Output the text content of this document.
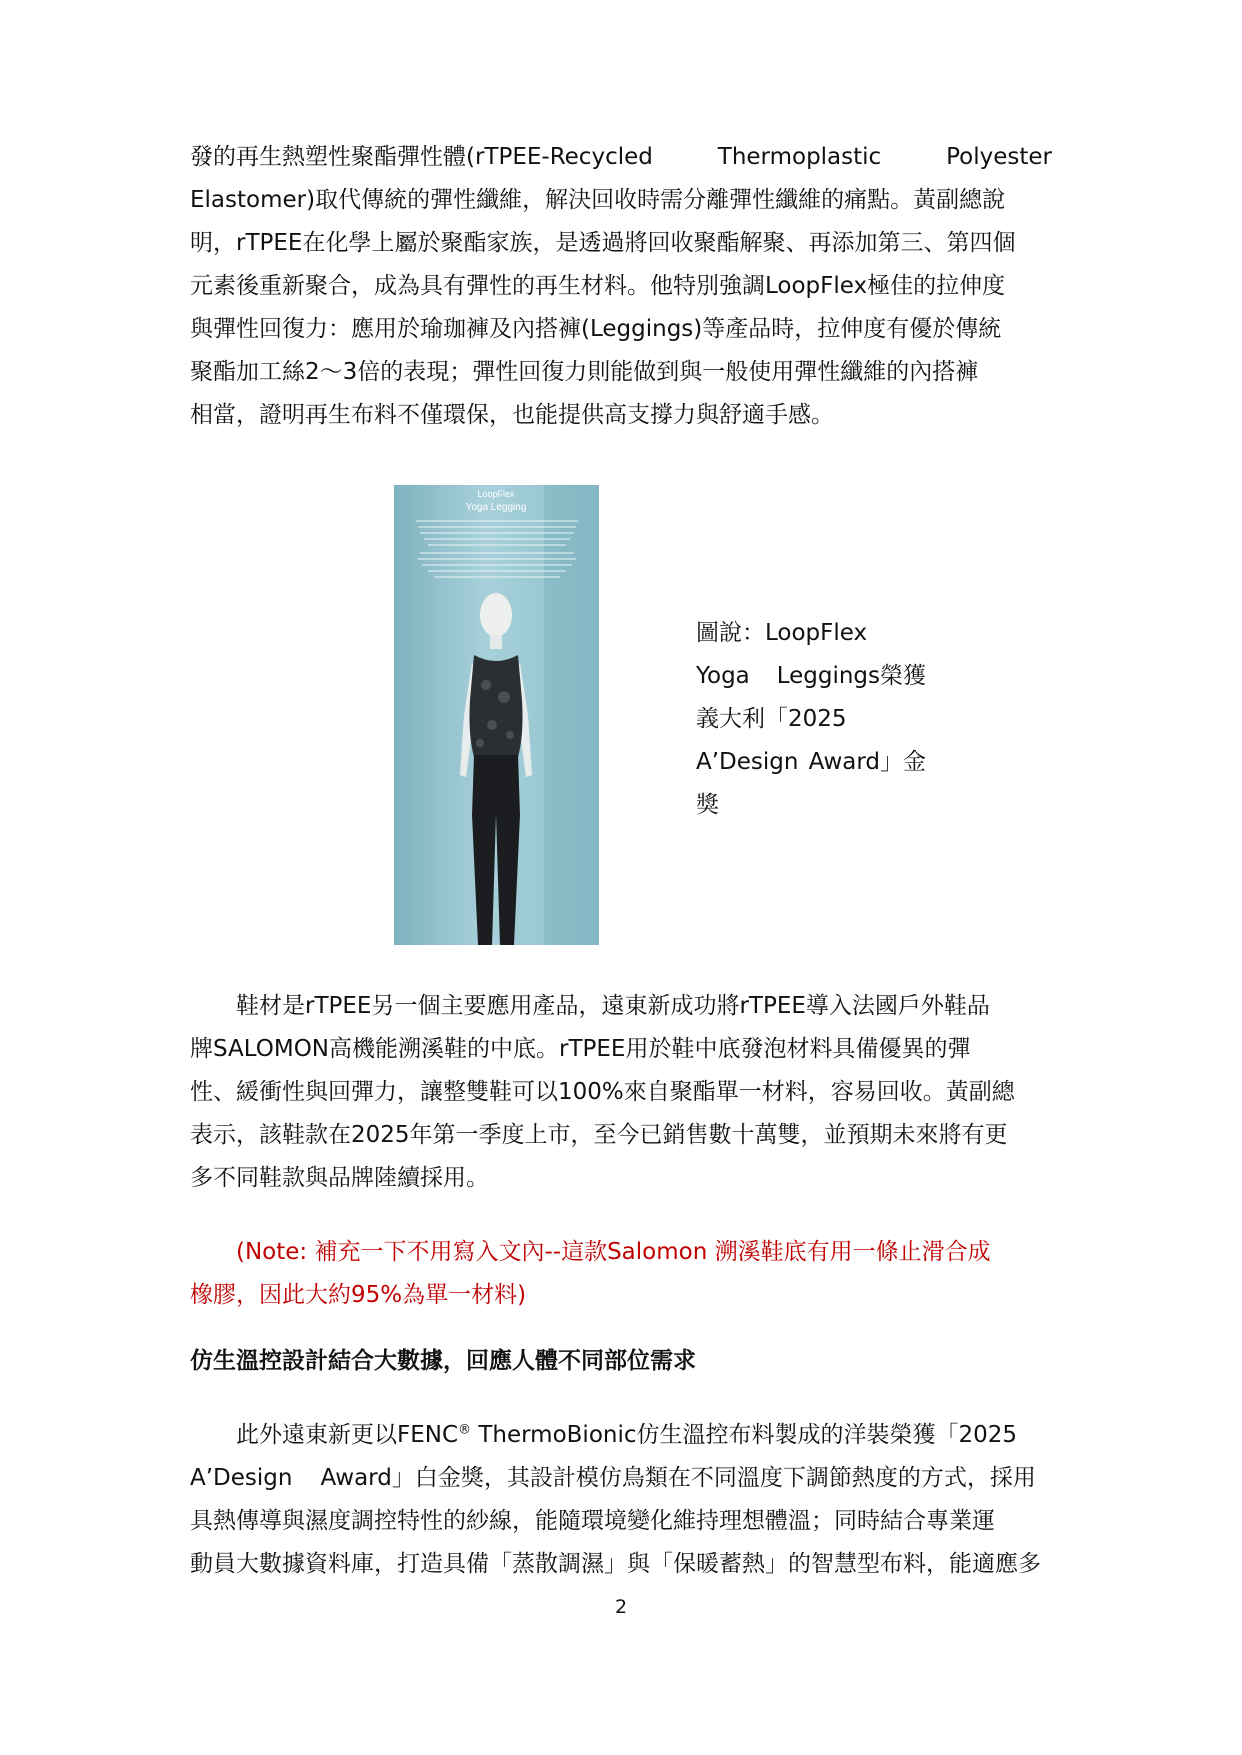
發的再生熱塑性聚酯彈性體(rTPEE-Recycled	Thermoplastic	Polyester
Elastomer)取代傳統的彈性纖維，解決回收時需分離彈性纖維的痛點。黃副總說
明，rTPEE在化學上屬於聚酯家族，是透過將回收聚酯解聚、再添加第三、第四個
元素後重新聚合，成為具有彈性的再生材料。他特別強調LoopFlex極佳的拉伸度
與彈性回復力：應用於瑜珈褲及內搭褲(Leggings)等產品時，拉伸度有優於傳統
聚酯加工絲2～3倍的表現；彈性回復力則能做到與一般使用彈性纖維的內搭褲
相當，證明再生布料不僅環保，也能提供高支撐力與舒適手感。
LoopFlex
Yoga Legging
圖說：LoopFlex
Yoga Leggings榮獲
義大利「2025
A’Design Award」金
獎
　　鞋材是rTPEE另一個主要應用產品，遠東新成功將rTPEE導入法國戶外鞋品
牌SALOMON高機能溯溪鞋的中底。rTPEE用於鞋中底發泡材料具備優異的彈
性、緩衝性與回彈力，讓整雙鞋可以100%來自聚酯單一材料，容易回收。黃副總
表示，該鞋款在2025年第一季度上市，至今已銷售數十萬雙，並預期未來將有更
多不同鞋款與品牌陸續採用。
　　(Note: 補充一下不用寫入文內--這款Salomon 溯溪鞋底有用一條止滑合成
橡膠，因此大約95%為單一材料)

仿生溫控設計結合大數據，回應人體不同部位需求

　　此外遠東新更以FENC® ThermoBionic仿生溫控布料製成的洋裝榮獲「2025
A’Design Award」白金獎，其設計模仿鳥類在不同溫度下調節熱度的方式，採用
具熱傳導與濕度調控特性的紗線，能隨環境變化維持理想體溫；同時結合專業運
動員大數據資料庫，打造具備「蒸散調濕」與「保暖蓄熱」的智慧型布料，能適應多

2
